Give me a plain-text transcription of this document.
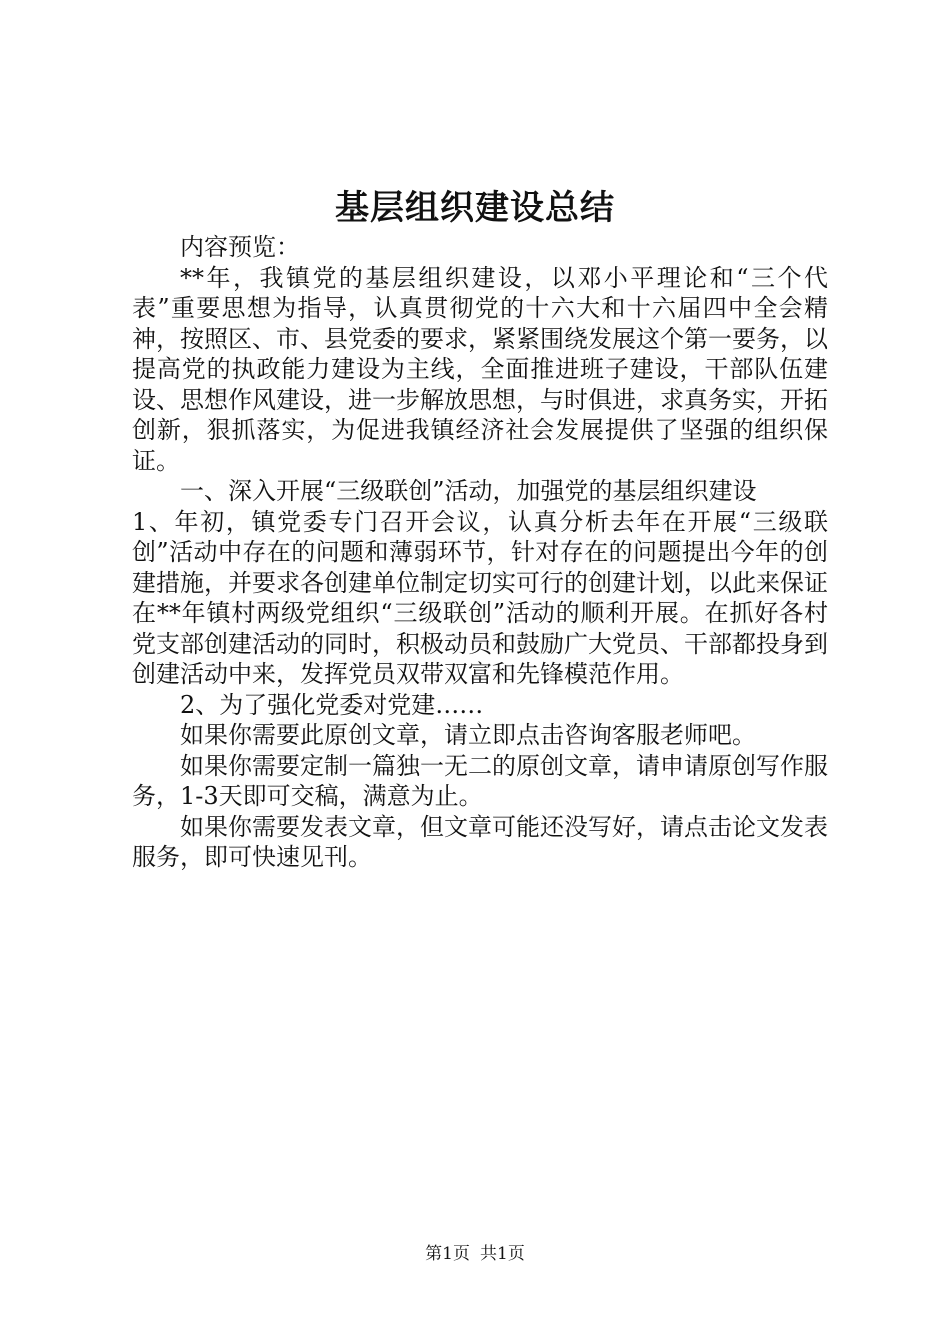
基层组织建设总结

内容预览：

**年，我镇党的基层组织建设，以邓小平理论和“三个代表”重要思想为指导，认真贯彻党的十六大和十六届四中全会精神，按照区、市、县党委的要求，紧紧围绕发展这个第一要务，以提高党的执政能力建设为主线，全面推进班子建设，干部队伍建设、思想作风建设，进一步解放思想，与时俱进，求真务实，开拓创新，狠抓落实，为促进我镇经济社会发展提供了坚强的组织保证。

一、深入开展“三级联创”活动，加强党的基层组织建设

1、年初，镇党委专门召开会议，认真分析去年在开展“三级联创”活动中存在的问题和薄弱环节，针对存在的问题提出今年的创建措施，并要求各创建单位制定切实可行的创建计划，以此来保证在**年镇村两级党组织“三级联创”活动的顺利开展。在抓好各村党支部创建活动的同时，积极动员和鼓励广大党员、干部都投身到创建活动中来，发挥党员双带双富和先锋模范作用。

2、为了强化党委对党建……

如果你需要此原创文章，请立即点击咨询客服老师吧。

如果你需要定制一篇独一无二的原创文章，请申请原创写作服务，1-3天即可交稿，满意为止。

如果你需要发表文章，但文章可能还没写好，请点击论文发表服务，即可快速见刊。

第1页 共1页
